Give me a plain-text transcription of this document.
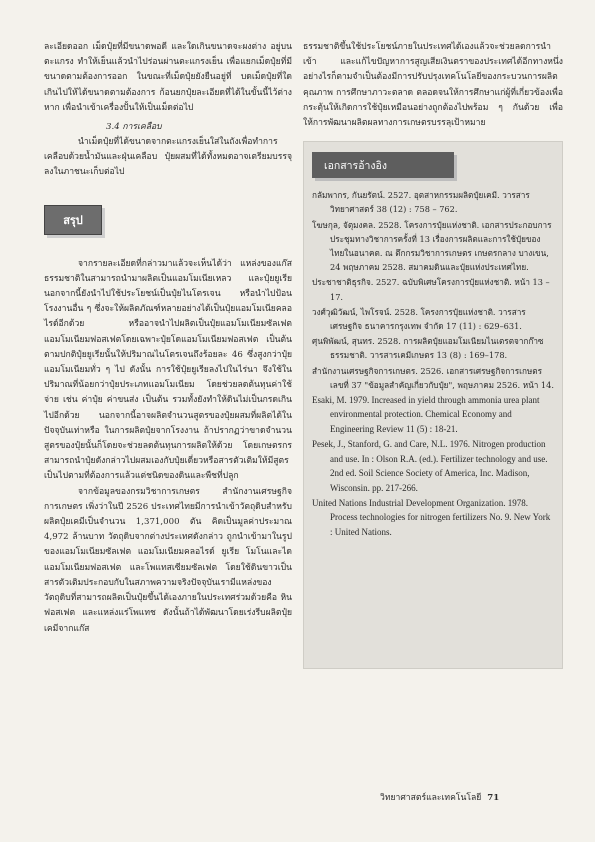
ละเอียดออก เม็ดปุ๋ยที่มีขนาดพอดี และใดเกินขนาดจะผงต่าง อยู่บนตะแกรง ทำให้เย็นแล้วนำไปร่อนผ่านตะแกรงเย็น เพื่อแยกเม็ดปุ๋ยที่มีขนาดตามต้องการออก ในขณะที่เม็ดปุ๋ยยังยืนอยู่ที่ บดเม็ดปุ๋ยที่ใดเกินไปให้ได้ขนาดตามต้องการ ก้อนยกปุ๋ยละเอียดที่ได้ในขั้นนี้ไว้ต่างหาก เพื่อนำเข้าเครื่องปั้นให้เป็นเม็ดต่อไป

3.4 การเคลือบ

นำเม็ดปุ๋ยที่ได้ขนาดจากตะแกรงเย็นใส่ในถังเพื่อทำการเคลือบด้วยน้ำมันและฝุ่นเคลือบ ปุ๋ยผสมที่ได้ทั้งหมดอาจเตรียมบรรจุลงในภาชนะเก็บต่อไป

สรุป

จากรายละเอียดที่กล่าวมาแล้วจะเห็นได้ว่า แหล่งของแก๊สธรรมชาติในสามารถนำมาผลิตเป็นแอมโมเนียเหลว และปุ๋ยยูเรีย นอกจากนี้ยังนำไปใช้ประโยชน์เป็นปุ๋ยไนโตรเจน หรือนำไปป้อนโรงงานอื่น ๆ ซึ่งจะให้ผลิตภัณฑ์หลายอย่างได้เป็นปุ๋ยแอมโมเนียคลอไรด์อีกด้วย หรืออาจนำไปผลิตเป็นปุ๋ยแอมโมเนียมซัลเฟต แอมโมเนียมฟอสเฟตโดยเฉพาะปุ๋ยโดแอมโมเนียมฟอสเฟต เป็นต้น ตามปกติปุ๋ยยูเรียนั้นให้ปริมาณไนโตรเจนถึงร้อยละ 46 ซึ่งสูงกว่าปุ๋ยแอมโมเนียมทั่ว ๆ ไป ดังนั้น การใช้ปุ๋ยยูเรียลงไปในไร่นา จึงใช้ในปริมาณที่น้อยกว่าปุ๋ยประเภทแอมโมเนียม โดยช่วยลดต้นทุนค่าใช้จ่าย เช่น ค่าปุ๋ย ค่าขนส่ง เป็นต้น รวมทั้งยังทำให้ดินไม่เป็นกรดเกินไปอีกด้วย นอกจากนี้อาจผลิตจำนวนสูตรของปุ๋ยผสมที่ผลิตได้ในปัจจุบันเท่าหรือ ในการผลิตปุ๋ยจากโรงงาน ถ้าปรากฏว่าขาดจำนวนสูตรของปุ๋ยนั้นก็โดยจะช่วยลดต้นทุนการผลิตให้ด้วย โดยเกษตรกรสามารถนำปุ๋ยดังกล่าวไปผสมเองกับปุ๋ยเดี่ยวหรือสารตัวเติมให้มีสูตรเป็นไปตามที่ต้องการแล้วแต่ชนิดของดินและพืชที่ปลูก

จากข้อมูลของกรมวิชาการเกษตร สำนักงานเศรษฐกิจการเกษตร เพิ่งว่าในปี 2526 ประเทศไทยมีการนำเข้าวัตถุดิบสำหรับผลิตปุ๋ยเคมีเป็นจำนวน 1,371,000 ตัน คิดเป็นมูลค่าประมาณ 4,972 ล้านบาท วัตถุดิบจากต่างประเทศดังกล่าว ถูกนำเข้ามาในรูปของแอมโมเนียมซัลเฟต แอมโมเนียมคลอไรด์ ยูเรีย โมโนและไดแอมโมเนียมฟอสเฟต และโพแทสเซียมซัลเฟต โดยใช้ดินขาวเป็นสารตัวเติมประกอบกับในสภาพความจริงปัจจุบันเรามีแหล่งของวัตถุดิบที่สามารถผลิตเป็นปุ๋ยขึ้นได้เองภายในประเทศร่วมด้วยคือ หินฟอสเฟต และแหล่งแร่โพแทช ดังนั้นถ้าได้พัฒนาโดยเร่งรีบผลิตปุ๋ยเคมีจากแก๊ส

ธรรมชาติขึ้นใช้ประโยชน์ภายในประเทศได้เองแล้วจะช่วยลดการนำเข้า และแก้ไขปัญหาการสูญเสียเงินตราของประเทศได้อีกทางหนึ่ง อย่างไรก็ตามจำเป็นต้องมีการปรับปรุงเทคโนโลยีของกระบวนการผลิต คุณภาพ การศึกษาภาวะตลาด ตลอดจนให้การศึกษาแก่ผู้ที่เกี่ยวข้องเพื่อกระตุ้นให้เกิดการใช้ปุ๋ยเหมือนอย่างถูกต้องไปพร้อม ๆ กันด้วย เพื่อให้การพัฒนาผลิตผลทางการเกษตรบรรลุเป้าหมาย

เอกสารอ้างอิง

กลัมพากร, กันยรัตน์. 2527. อุตสาหกรรมผลิตปุ๋ยเคมี. วารสารวิทยาศาสตร์ 38 (12) : 758 – 762.

โฆษกุล, จัตุมงคล. 2528. โครงการปุ๋ยแห่งชาติ. เอกสารประกอบการประชุมทางวิชาการครั้งที่ 13 เรื่องการผลิตและการใช้ปุ๋ยของไทยในอนาคต. ณ ตึกกรมวิชาการเกษตร เกษตรกลาง บางเขน, 24 พฤษภาคม 2528. สมาคมดินและปุ๋ยแห่งประเทศไทย.

ประชาชาติธุรกิจ. 2527. ฉบับพิเศษโครงการปุ๋ยแห่งชาติ. หน้า 13 – 17.

วงศ์วุฒิวัฒน์, ไพโรจน์. 2528. โครงการปุ๋ยแห่งชาติ. วารสารเศรษฐกิจ ธนาคารกรุงเทพ จำกัด 17 (11) : 629–631.

ศุนพิพัฒน์, สุนทร. 2528. การผลิตปุ๋ยแอมโมเนียมไนเตรตจากก๊าซธรรมชาติ. วารสารเคมีเกษตร 13 (8) : 169–178.

สำนักงานเศรษฐกิจการเกษตร. 2526. เอกสารเศรษฐกิจการเกษตร เลขที่ 37 "ข้อมูลสำคัญเกี่ยวกับปุ๋ย", พฤษภาคม 2526. หน้า 14.

Esaki, M. 1979. Increased in yield through ammonia urea plant environmental protection. Chemical Economy and Engineering Review 11 (5) : 18-21.

Pesek, J., Stanford, G. and Care, N.L. 1976. Nitrogen production and use. In : Olson R.A. (ed.). Fertilizer technology and use. 2nd ed. Soil Science Society of America, Inc. Madison, Wisconsin. pp. 217-266.

United Nations Industrial Development Organization. 1978. Process technologies for nitrogen fertilizers No. 9. New York : United Nations.

วิทยาศาสตร์และเทคโนโลยี 71
